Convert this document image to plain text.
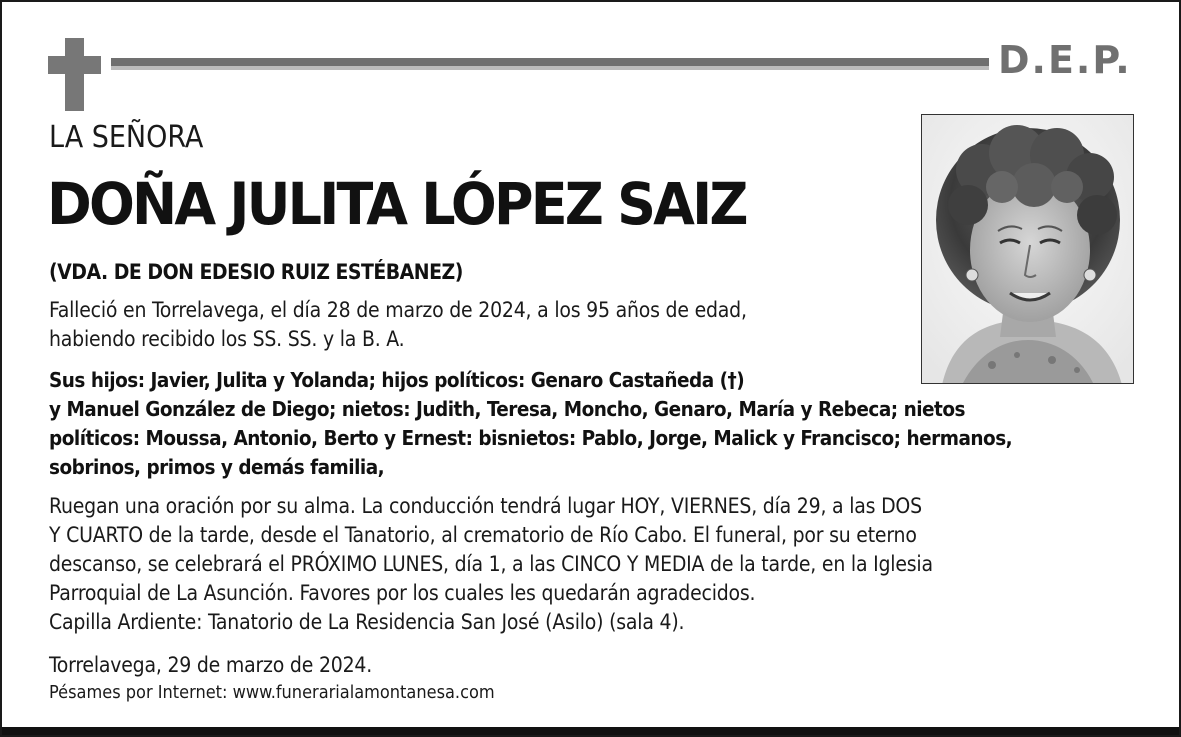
D.E.P.
LA SEÑORA
DOÑA JULITA LÓPEZ SAIZ
(VDA. DE DON EDESIO RUIZ ESTÉBANEZ)
Falleció en Torrelavega, el día 28 de marzo de 2024, a los 95 años de edad,
habiendo recibido los SS. SS. y la B. A.
Sus hijos: Javier, Julita y Yolanda; hijos políticos: Genaro Castañeda (†)
y Manuel González de Diego; nietos: Judith, Teresa, Moncho, Genaro, María y Rebeca; nietos
políticos: Moussa, Antonio, Berto y Ernest: bisnietos: Pablo, Jorge, Malick y Francisco; hermanos,
sobrinos, primos y demás familia,
Ruegan una oración por su alma. La conducción tendrá lugar HOY, VIERNES, día 29, a las DOS
Y CUARTO de la tarde, desde el Tanatorio, al crematorio de Río Cabo. El funeral, por su eterno
descanso, se celebrará el PRÓXIMO LUNES, día 1, a las CINCO Y MEDIA de la tarde, en la Iglesia
Parroquial de La Asunción. Favores por los cuales les quedarán agradecidos.
Capilla Ardiente: Tanatorio de La Residencia San José (Asilo) (sala 4).
Torrelavega, 29 de marzo de 2024.
Pésames por Internet: www.funerarialamontanesa.com
